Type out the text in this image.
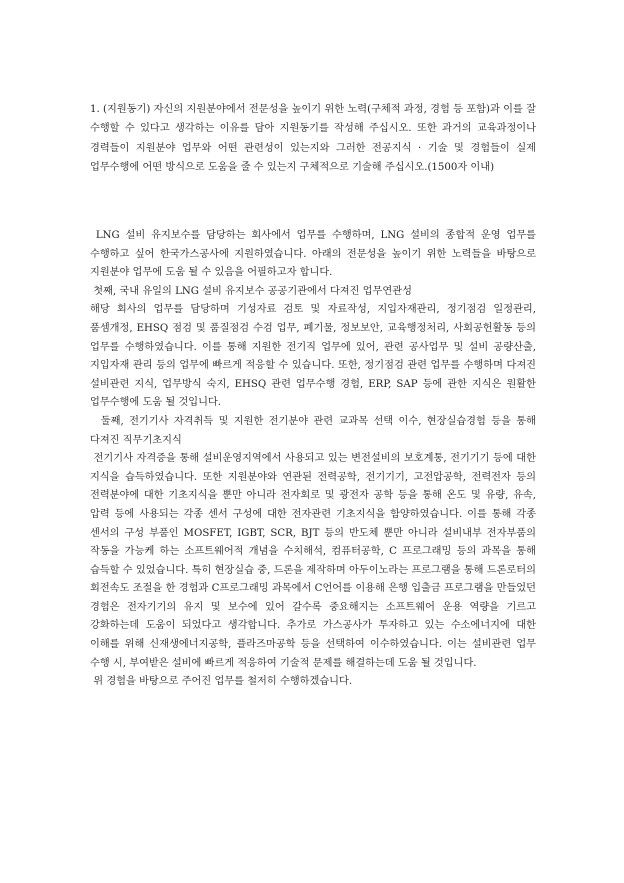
1. (지원동기) 자신의 지원분야에서 전문성을 높이기 위한 노력(구체적 과정, 경험 등 포함)과 이를 잘 수행할 수 있다고 생각하는 이유를 담아 지원동기를 작성해 주십시오. 또한 과거의 교육과정이나 경력들이 지원분야 업무와 어떤 관련성이 있는지와 그러한 전공지식 · 기술 및 경험들이 실제 업무수행에 어떤 방식으로 도움을 줄 수 있는지 구체적으로 기술해 주십시오.(1500자 이내)

LNG 설비 유지보수를 담당하는 회사에서 업무를 수행하며, LNG 설비의 종합적 운영 업무를 수행하고 싶어 한국가스공사에 지원하였습니다. 아래의 전문성을 높이기 위한 노력들을 바탕으로 지원분야 업무에 도움 될 수 있음을 어필하고자 합니다.

첫째, 국내 유일의 LNG 설비 유지보수 공공기관에서 다져진 업무연관성

해당 회사의 업무를 담당하며 기성자료 검토 및 자료작성, 지입자재관리, 정기점검 일정관리, 품셈개정, EHSQ 점검 및 품질점검 수검 업무, 폐기물, 정보보안, 교육행정처리, 사회공헌활동 등의 업무를 수행하였습니다. 이를 통해 지원한 전기직 업무에 있어, 관련 공사업무 및 설비 공량산출, 지입자재 관리 등의 업무에 빠르게 적응할 수 있습니다. 또한, 정기점검 관련 업무를 수행하며 다져진 설비관련 지식, 업무방식 숙지, EHSQ 관련 업무수행 경험, ERP, SAP 등에 관한 지식은 원활한 업무수행에 도움 될 것입니다.

둘째, 전기기사 자격취득 및 지원한 전기분야 관련 교과목 선택 이수, 현장실습경험 등을 통해 다져진 직무기초지식

전기기사 자격증을 통해 설비운영지역에서 사용되고 있는 변전설비의 보호계통, 전기기기 등에 대한 지식을 습득하였습니다. 또한 지원분야와 연관된 전력공학, 전기기기, 고전압공학, 전력전자 등의 전력분야에 대한 기초지식을 뿐만 아니라 전자회로 및 광전자 공학 등을 통해 온도 및 유량, 유속, 압력 등에 사용되는 각종 센서 구성에 대한 전자관련 기초지식을 함양하였습니다. 이를 통해 각종 센서의 구성 부품인 MOSFET, IGBT, SCR, BJT 등의 반도체 뿐만 아니라 설비내부 전자부품의 작동을 가능케 하는 소프트웨어적 개념을 수치해석, 컴퓨터공학, C 프로그래밍 등의 과목을 통해 습득할 수 있었습니다. 특히 현장실습 중, 드론을 제작하며 아두이노라는 프로그램을 통해 드론로터의 회전속도 조절을 한 경험과 C프로그래밍 과목에서 C언어를 이용해 은행 입출금 프로그램을 만들었던 경험은 전자기기의 유지 및 보수에 있어 갈수록 중요해지는 소프트웨어 운용 역량을 기르고 강화하는데 도움이 되었다고 생각합니다. 추가로 가스공사가 투자하고 있는 수소에너지에 대한 이해를 위해 신재생에너지공학, 플라즈마공학 등을 선택하여 이수하였습니다. 이는 설비관련 업무 수행 시, 부여받은 설비에 빠르게 적응하여 기술적 문제를 해결하는데 도움 될 것입니다.

위 경험을 바탕으로 주어진 업무를 철저히 수행하겠습니다.
